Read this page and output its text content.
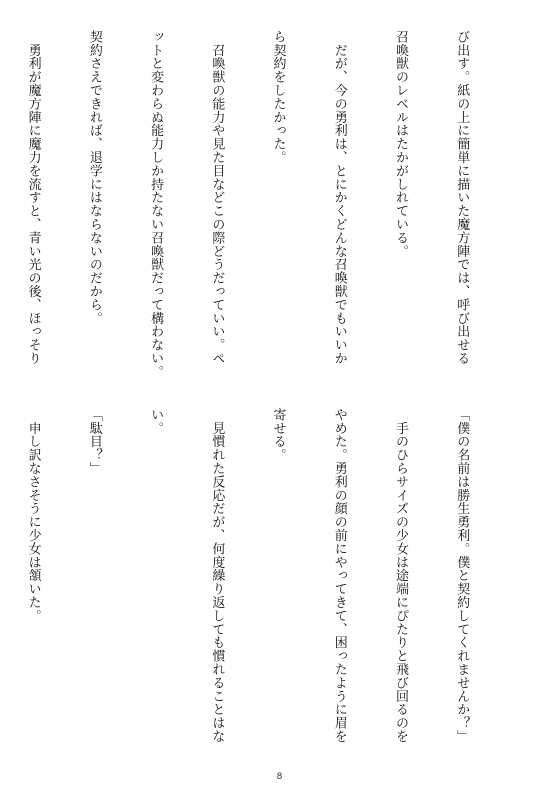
び出す。紙の上に簡単に描いた魔方陣では、呼び出せる

召喚獣のレベルはたかがしれている。

　だが、今の勇利は、とにかくどんな召喚獣でもいいか

ら契約をしたかった。

　召喚獣の能力や見た目などこの際どうだっていい。ペ

ットと変わらぬ能力しか持たない召喚獣だって構わない。

契約さえできれば、退学にはならないのだから。

　勇利が魔方陣に魔力を流すと、青い光の後、ほっそり

「僕の名前は勝生勇利。僕と契約してくれませんか？」

　手のひらサイズの少女は途端にぴたりと飛び回るのを

やめた。勇利の顔の前にやってきて、困ったように眉を

寄せる。

　見慣れた反応だが、何度繰り返しても慣れることはな

い。

「駄目？」

　申し訳なさそうに少女は頷いた。

8
